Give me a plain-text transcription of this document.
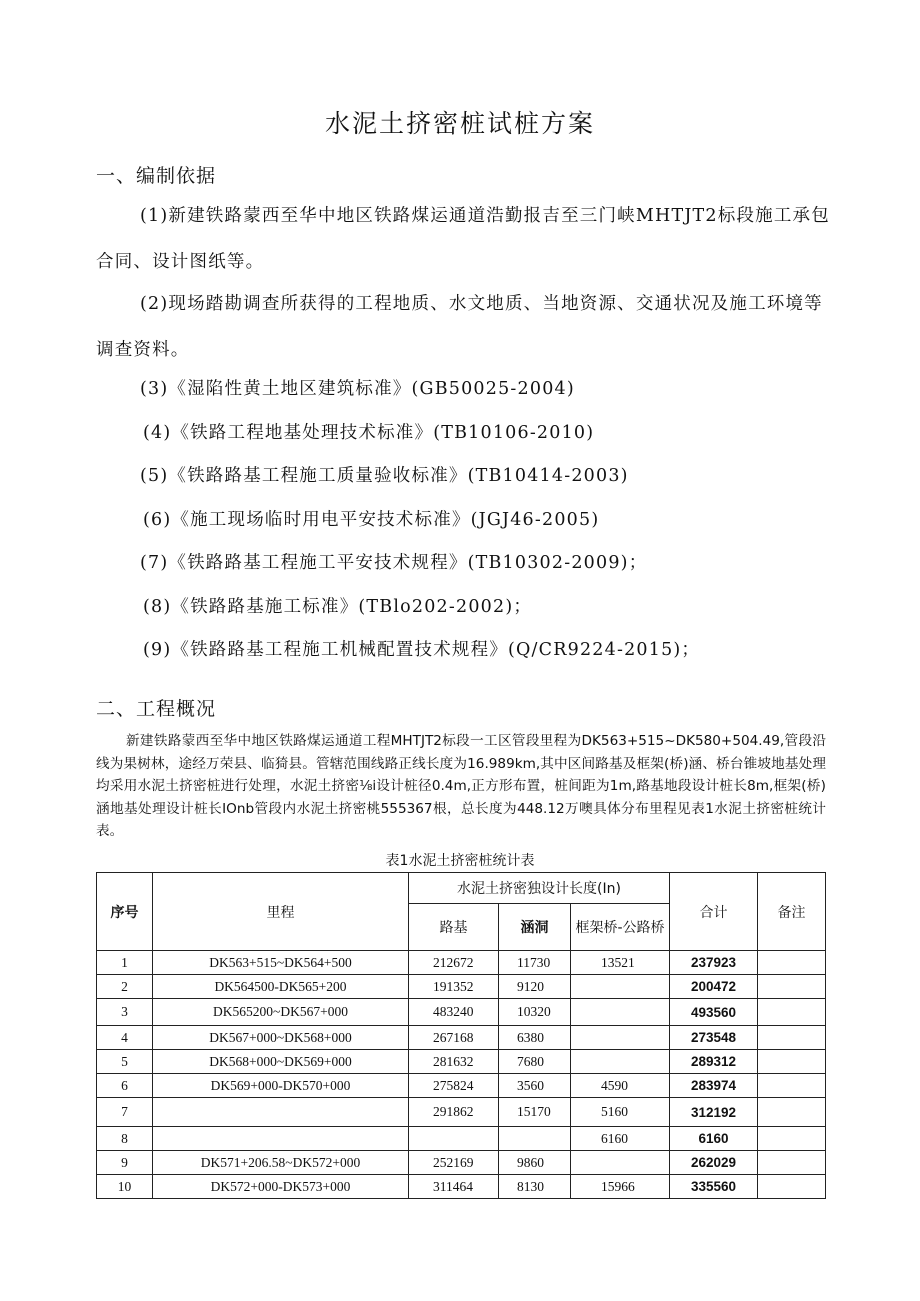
水泥土挤密桩试桩方案
一、编制依据
(1)新建铁路蒙西至华中地区铁路煤运通道浩勤报吉至三门峡MHTJT2标段施工承包合同、设计图纸等。
(2)现场踏勘调查所获得的工程地质、水文地质、当地资源、交通状况及施工环境等调查资料。
(3)《湿陷性黄土地区建筑标准》(GB50025-2004)
(4)《铁路工程地基处理技术标准》(TB10106-2010)
(5)《铁路路基工程施工质量验收标准》(TB10414-2003)
(6)《施工现场临时用电平安技术标准》(JGJ46-2005)
(7)《铁路路基工程施工平安技术规程》(TB10302-2009)；
(8)《铁路路基施工标准》(TBlo202-2002)；
(9)《铁路路基工程施工机械配置技术规程》(Q/CR9224-2015)；
二、工程概况
新建铁路蒙西至华中地区铁路煤运通道工程MHTJT2标段一工区管段里程为DK563+515~DK580+504.49,管段沿线为果树林，途经万荣县、临猗县。管辖范围线路正线长度为16.989km,其中区间路基及框架(桥)涵、桥台锥坡地基处理均采用水泥土挤密桩进行处理，水泥土挤密⅛i设计桩径0.4m,正方形布置，桩间距为1m,路基地段设计桩长8m,框架(桥)涵地基处理设计桩长IOnb管段内水泥土挤密桃555367根，总长度为448.12万噢具体分布里程见表1水泥土挤密桩统计表。
表1水泥土挤密桩统计表
序号	里程	水泥土挤密独设计长度(In)			合计	备注
		路基	涵洞	框架桥-公路桥		
1	DK563+515~DK564+500	212672	11730	13521	237923	
2	DK564500-DK565+200	191352	9120		200472	
3	DK565200~DK567+000	483240	10320		493560	
4	DK567+000~DK568+000	267168	6380		273548	
5	DK568+000~DK569+000	281632	7680		289312	
6	DK569+000-DK570+000	275824	3560	4590	283974	
7		291862	15170	5160	312192	
8				6160	6160	
9	DK571+206.58~DK572+000	252169	9860		262029	
10	DK572+000-DK573+000	311464	8130	15966	335560	
